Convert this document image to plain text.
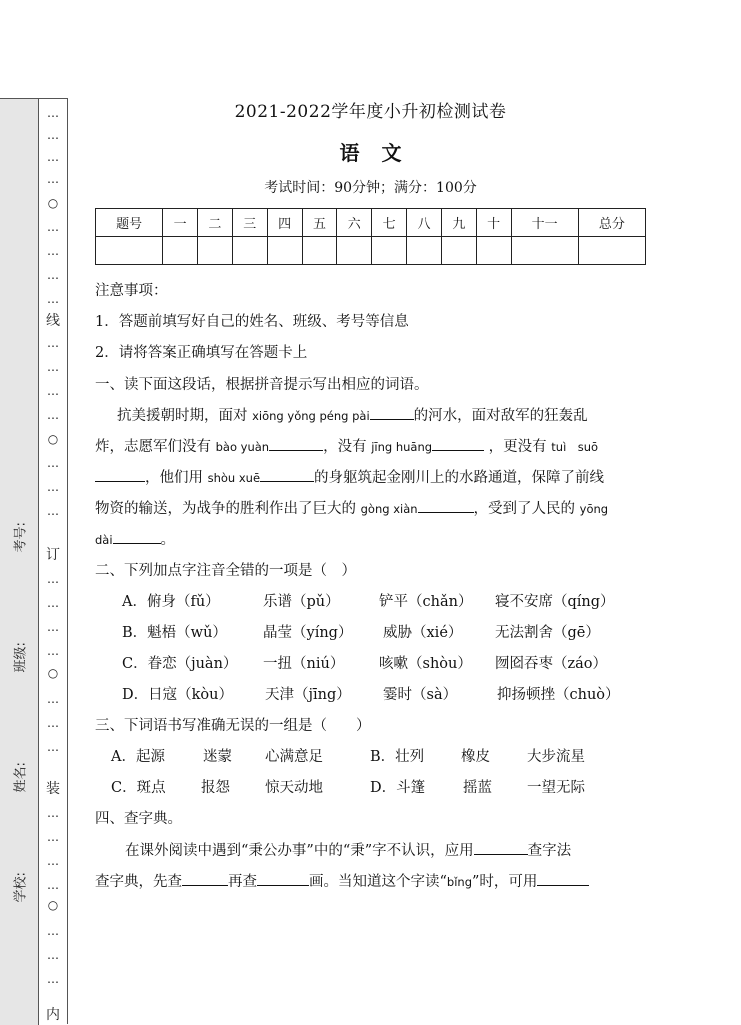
学校:
姓名:
班级:
考号:
…
…
…
…
○
…
…
…
…
线
…
…
…
…
○
…
…
…
订
…
…
…
…
○
…
…
…
装
…
…
…
…
○
…
…
…
内
2021-2022学年度小升初检测试卷
语文
考试时间：90分钟；满分：100分
题号	一	二	三	四	五	六	七	八	九	十	十一	总分

注意事项：
1．答题前填写好自己的姓名、班级、考号等信息
2．请将答案正确填写在答题卡上
一、读下面这段话，根据拼音提示写出相应的词语。
抗美援朝时期，面对 xiōng yǒng péng pài	的河水，面对敌军的狂轰乱
炸，志愿军们没有 bào yuàn	，没有 jīng huāng	，更没有 tuì　suō
，他们用 shòu xuē	的身躯筑起金刚川上的水路通道，保障了前线
物资的输送，为战争的胜利作出了巨大的 gòng xiàn	，受到了人民的 yōng
dài	。
二、下列加点字注音全错的一项是（　）
A．俯身（fǔ）	乐谱（pǔ）	铲平（chǎn） 寝不安席（qíng）
B．魁梧（wǔ） 晶莹（yíng） 威胁（xié） 无法割舍（gē）
C．眷恋（juàn） 一扭（niú） 咳嗽（shòu） 囫囵吞枣（záo）
D．日寇（kòu） 天津（jīng） 霎时（sà）	抑扬顿挫（chuò）
三、下词语书写准确无误的一组是（　　）
A．起源	迷蒙 心满意足	B．壮列	橡皮	大步流星
C．斑点 报怨 惊天动地	D．斗篷	摇蓝 一望无际
四、查字典。
在课外阅读中遇到“秉公办事”中的“秉”字不认识，应用	查字法
查字典，先查	再查	画。当知道这个字读“bǐng”时，可用
